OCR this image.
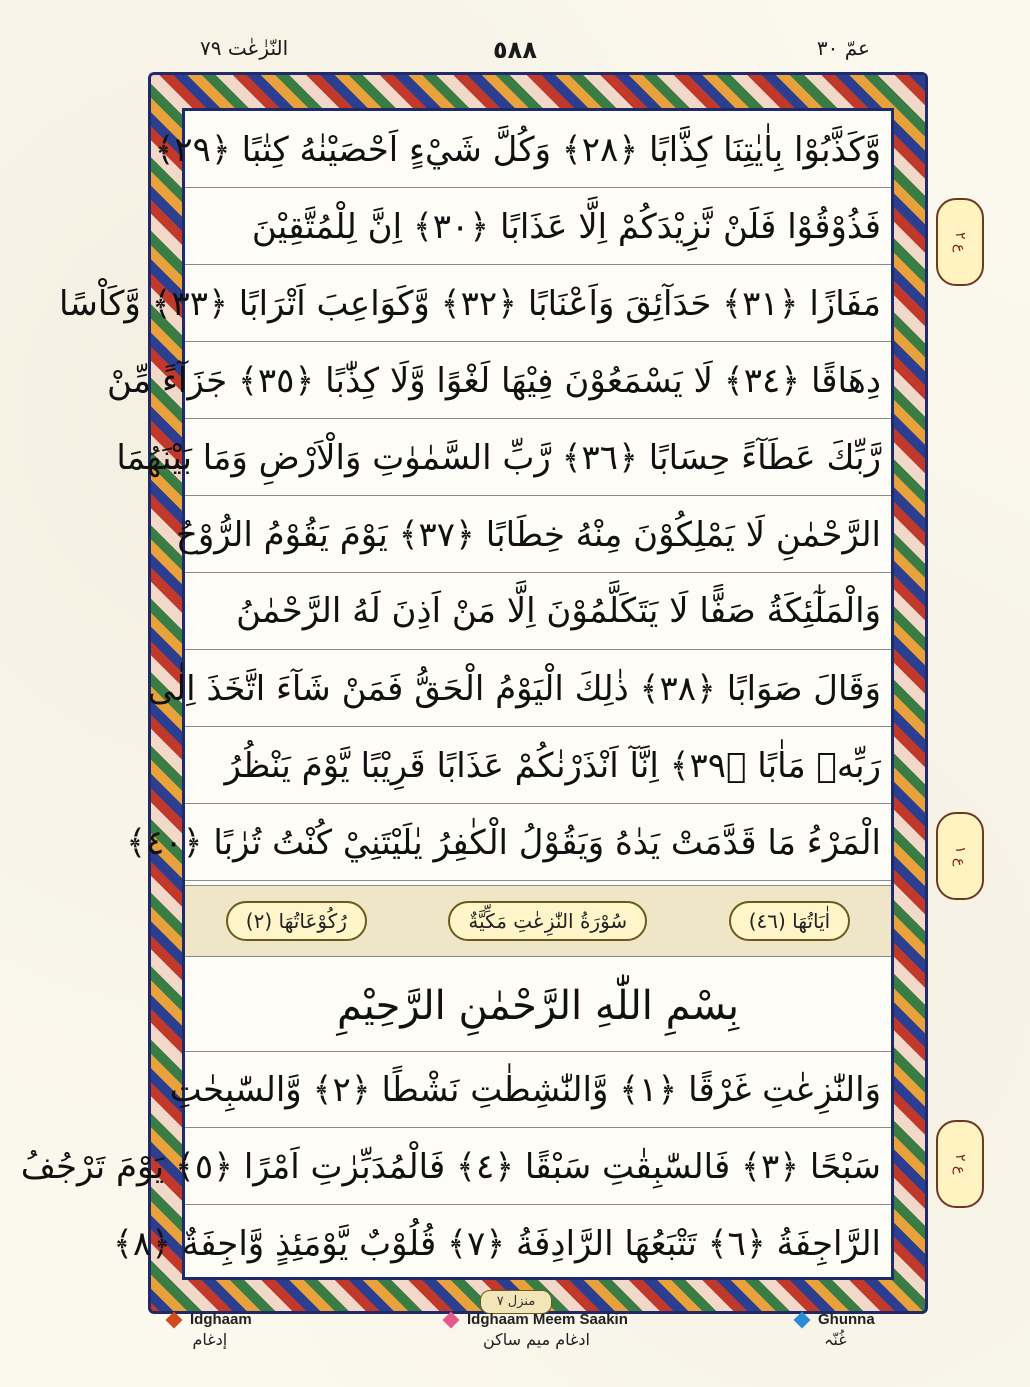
النّزٰعٰت ٧٩	٥٨٨	عمّ ٣٠
ع ٢
ع ١
ع ٢
وَّكَذَّبُوْا بِاٰيٰتِنَا كِذَّابًا ﴿٢٨﴾ وَكُلَّ شَيْءٍ اَحْصَيْنٰهُ كِتٰبًا ﴿٢٩﴾
فَذُوْقُوْا فَلَنْ نَّزِيْدَكُمْ اِلَّا عَذَابًا ﴿٣٠﴾ اِنَّ لِلْمُتَّقِيْنَ
مَفَازًا ﴿٣١﴾ حَدَآئِقَ وَاَعْنَابًا ﴿٣٢﴾ وَّكَوَاعِبَ اَتْرَابًا ﴿٣٣﴾ وَّكَاْسًا
دِهَاقًا ﴿٣٤﴾ لَا يَسْمَعُوْنَ فِيْهَا لَغْوًا وَّلَا كِذّٰبًا ﴿٣٥﴾ جَزَآءً مِّنْ
رَّبِّكَ عَطَآءً حِسَابًا ﴿٣٦﴾ رَّبِّ السَّمٰوٰتِ وَالْاَرْضِ وَمَا بَيْنَهُمَا
الرَّحْمٰنِ لَا يَمْلِكُوْنَ مِنْهُ خِطَابًا ﴿٣٧﴾ يَوْمَ يَقُوْمُ الرُّوْحُ
وَالْمَلٰٓئِكَةُ صَفًّا لَا يَتَكَلَّمُوْنَ اِلَّا مَنْ اَذِنَ لَهُ الرَّحْمٰنُ
وَقَالَ صَوَابًا ﴿٣٨﴾ ذٰلِكَ الْيَوْمُ الْحَقُّ فَمَنْ شَآءَ اتَّخَذَ اِلٰى
رَبِّهٖ مَاٰبًا ﴿٣٩﴾ اِنَّآ اَنْذَرْنٰكُمْ عَذَابًا قَرِيْبًا يَّوْمَ يَنْظُرُ
الْمَرْءُ مَا قَدَّمَتْ يَدٰهُ وَيَقُوْلُ الْكٰفِرُ يٰلَيْتَنِيْ كُنْتُ تُرٰبًا ﴿٤٠﴾
اٰيَاتُهَا (٤٦)
سُوْرَةُ النّٰزِعٰتِ مَكِّيَّةٌ
رُكُوْعَاتُهَا (٢)
بِسْمِ اللّٰهِ الرَّحْمٰنِ الرَّحِيْمِ
وَالنّٰزِعٰتِ غَرْقًا ﴿١﴾ وَّالنّٰشِطٰتِ نَشْطًا ﴿٢﴾ وَّالسّٰبِحٰتِ
سَبْحًا ﴿٣﴾ فَالسّٰبِقٰتِ سَبْقًا ﴿٤﴾ فَالْمُدَبِّرٰتِ اَمْرًا ﴿٥﴾ يَوْمَ تَرْجُفُ
الرَّاجِفَةُ ﴿٦﴾ تَتْبَعُهَا الرَّادِفَةُ ﴿٧﴾ قُلُوْبٌ يَّوْمَئِذٍ وَّاجِفَةٌ ﴿٨﴾
منزل ٧
Idghaam
إدغام
Idghaam Meem Saakin
ادغام میم ساکن
Ghunna
غُنّہ
